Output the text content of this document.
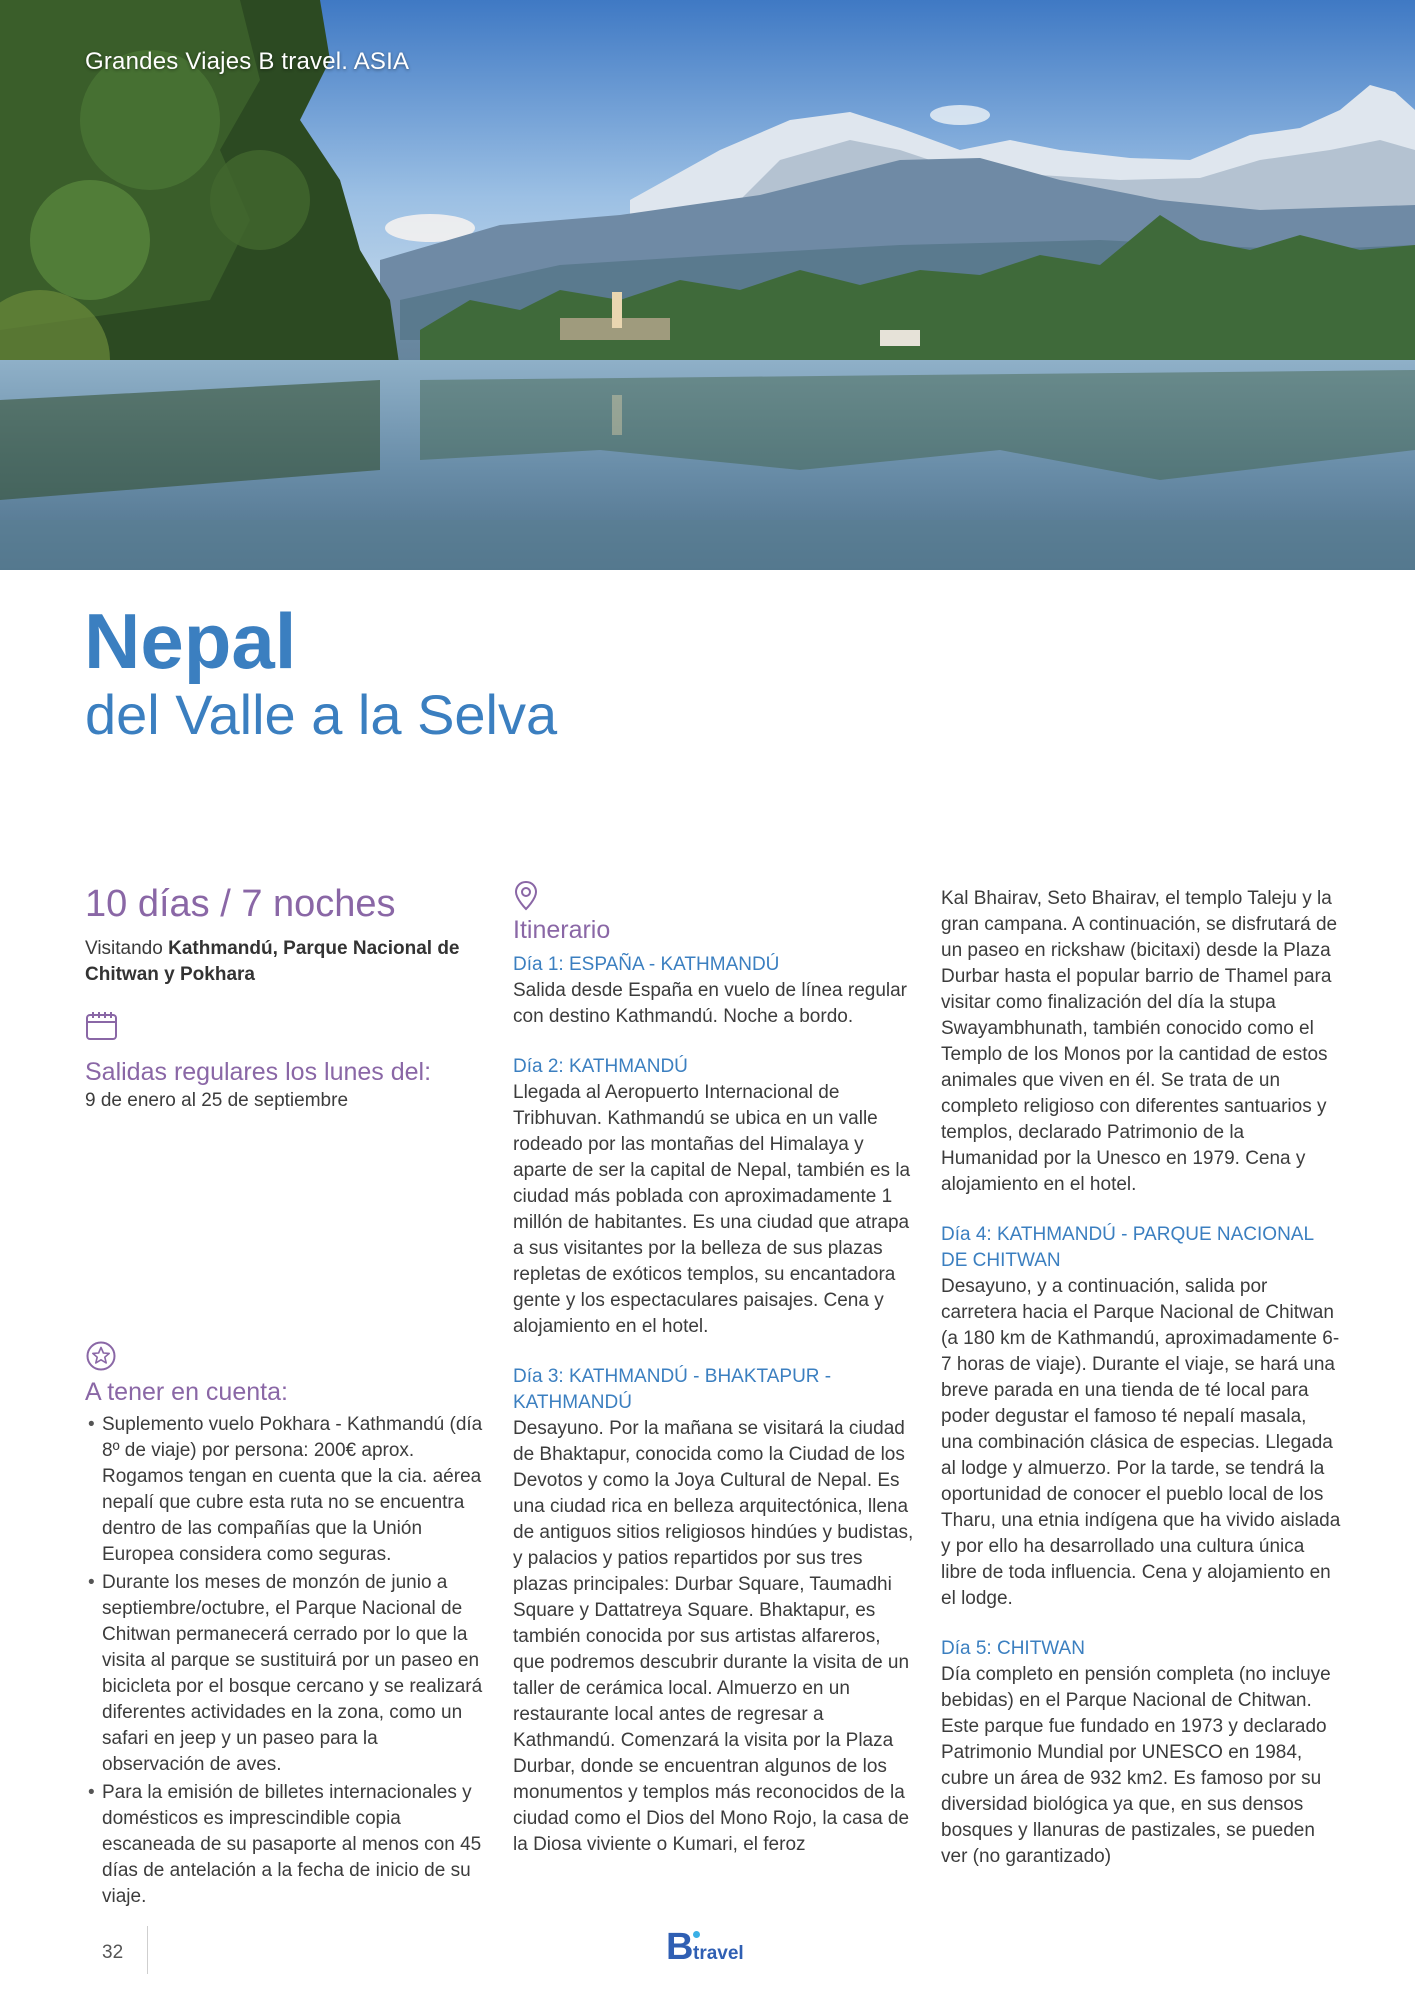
Grandes Viajes B travel. ASIA
Nepal
del Valle a la Selva
10 días / 7 noches
Visitando Kathmandú, Parque Nacional de Chitwan y Pokhara
Salidas regulares los lunes del:
9 de enero al 25 de septiembre
A tener en cuenta:
• Suplemento vuelo Pokhara - Kathmandú (día 8º de viaje) por persona: 200€ aprox. Rogamos tengan en cuenta que la cia. aérea nepalí que cubre esta ruta no se encuentra dentro de las compañías que la Unión Europea considera como seguras.
• Durante los meses de monzón de junio a septiembre/octubre, el Parque Nacional de Chitwan permanecerá cerrado por lo que la visita al parque se sustituirá por un paseo en bicicleta por el bosque cercano y se realizará diferentes actividades en la zona, como un safari en jeep y un paseo para la observación de aves.
• Para la emisión de billetes internacionales y domésticos es imprescindible copia escaneada de su pasaporte al menos con 45 días de antelación a la fecha de inicio de su viaje.
Itinerario
Día 1: ESPAÑA - KATHMANDÚ
Salida desde España en vuelo de línea regular con destino Kathmandú. Noche a bordo.
Día 2: KATHMANDÚ
Llegada al Aeropuerto Internacional de Tribhuvan. Kathmandú se ubica en un valle rodeado por las montañas del Himalaya y aparte de ser la capital de Nepal, también es la ciudad más poblada con aproximadamente 1 millón de habitantes. Es una ciudad que atrapa a sus visitantes por la belleza de sus plazas repletas de exóticos templos, su encantadora gente y los espectaculares paisajes. Cena y alojamiento en el hotel.
Día 3: KATHMANDÚ - BHAKTAPUR - KATHMANDÚ
Desayuno. Por la mañana se visitará la ciudad de Bhaktapur, conocida como la Ciudad de los Devotos y como la Joya Cultural de Nepal. Es una ciudad rica en belleza arquitectónica, llena de antiguos sitios religiosos hindúes y budistas, y palacios y patios repartidos por sus tres plazas principales: Durbar Square, Taumadhi Square y Dattatreya Square. Bhaktapur, es también conocida por sus artistas alfareros, que podremos descubrir durante la visita de un taller de cerámica local. Almuerzo en un restaurante local antes de regresar a Kathmandú. Comenzará la visita por la Plaza Durbar, donde se encuentran algunos de los monumentos y templos más reconocidos de la ciudad como el Dios del Mono Rojo, la casa de la Diosa viviente o Kumari, el feroz
Kal Bhairav, Seto Bhairav, el templo Taleju y la gran campana. A continuación, se disfrutará de un paseo en rickshaw (bicitaxi) desde la Plaza Durbar hasta el popular barrio de Thamel para visitar como finalización del día la stupa Swayambhunath, también conocido como el Templo de los Monos por la cantidad de estos animales que viven en él. Se trata de un completo religioso con diferentes santuarios y templos, declarado Patrimonio de la Humanidad por la Unesco en 1979. Cena y alojamiento en el hotel.
Día 4: KATHMANDÚ - PARQUE NACIONAL DE CHITWAN
Desayuno, y a continuación, salida por carretera hacia el Parque Nacional de Chitwan (a 180 km de Kathmandú, aproximadamente 6-7 horas de viaje). Durante el viaje, se hará una breve parada en una tienda de té local para poder degustar el famoso té nepalí masala, una combinación clásica de especias. Llegada al lodge y almuerzo. Por la tarde, se tendrá la oportunidad de conocer el pueblo local de los Tharu, una etnia indígena que ha vivido aislada y por ello ha desarrollado una cultura única libre de toda influencia. Cena y alojamiento en el lodge.
Día 5: CHITWAN
Día completo en pensión completa (no incluye bebidas) en el Parque Nacional de Chitwan. Este parque fue fundado en 1973 y declarado Patrimonio Mundial por UNESCO en 1984, cubre un área de 932 km2. Es famoso por su diversidad biológica ya que, en sus densos bosques y llanuras de pastizales, se pueden ver (no garantizado)
32	B travel
